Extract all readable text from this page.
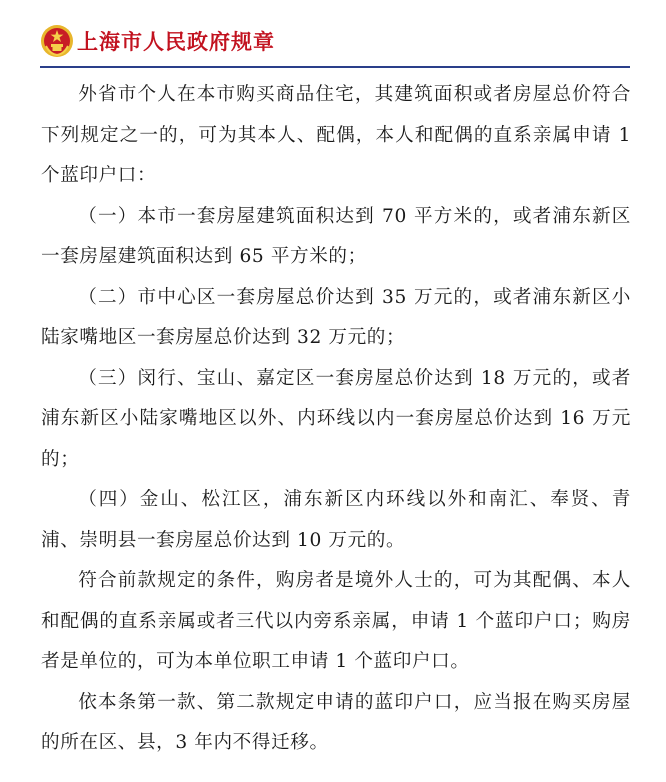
上海市人民政府规章

外省市个人在本市购买商品住宅，其建筑面积或者房屋总价符合下列规定之一的，可为其本人、配偶，本人和配偶的直系亲属申请 1 个蓝印户口：

（一）本市一套房屋建筑面积达到 70 平方米的，或者浦东新区一套房屋建筑面积达到 65 平方米的；

（二）市中心区一套房屋总价达到 35 万元的，或者浦东新区小陆家嘴地区一套房屋总价达到 32 万元的；

（三）闵行、宝山、嘉定区一套房屋总价达到 18 万元的，或者浦东新区小陆家嘴地区以外、内环线以内一套房屋总价达到 16 万元的；

（四）金山、松江区，浦东新区内环线以外和南汇、奉贤、青浦、崇明县一套房屋总价达到 10 万元的。

符合前款规定的条件，购房者是境外人士的，可为其配偶、本人和配偶的直系亲属或者三代以内旁系亲属，申请 1 个蓝印户口；购房者是单位的，可为本单位职工申请 1 个蓝印户口。

依本条第一款、第二款规定申请的蓝印户口，应当报在购买房屋的所在区、县，3 年内不得迁移。
